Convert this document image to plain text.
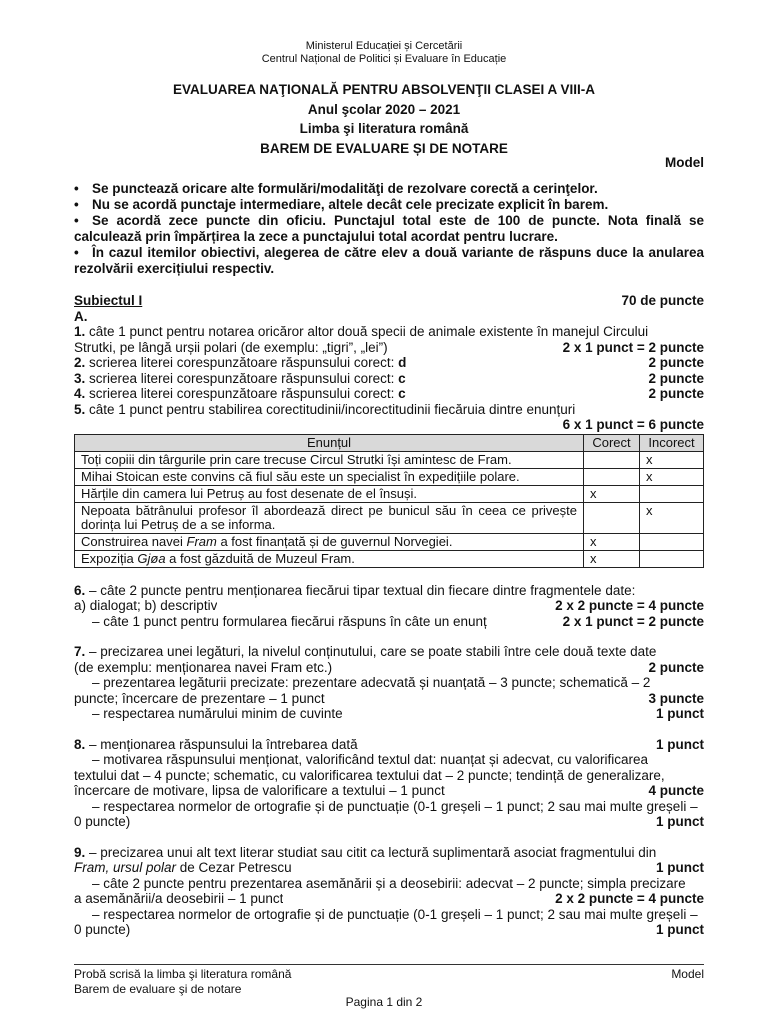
Ministerul Educației și Cercetării
Centrul Național de Politici și Evaluare în Educație
EVALUAREA NAŢIONALĂ PENTRU ABSOLVENŢII CLASEI A VIII-A
Anul şcolar 2020 – 2021
Limba şi literatura română
BAREM DE EVALUARE ȘI DE NOTARE
Model
• Se punctează oricare alte formulări/modalităţi de rezolvare corectă a cerinţelor.
• Nu se acordă punctaje intermediare, altele decât cele precizate explicit în barem.
• Se acordă zece puncte din oficiu. Punctajul total este de 100 de puncte. Nota finală se calculează prin împărțirea la zece a punctajului total acordat pentru lucrare.
• În cazul itemilor obiectivi, alegerea de către elev a două variante de răspuns duce la anularea rezolvării exercițiului respectiv.
Subiectul I	70 de puncte
A.
1. câte 1 punct pentru notarea oricăror altor două specii de animale existente în manejul Circului
Strutki, pe lângă urșii polari (de exemplu: „tigri”, „lei”)	2 x 1 punct = 2 puncte
2. scrierea literei corespunzătoare răspunsului corect: d	2 puncte
3. scrierea literei corespunzătoare răspunsului corect: c	2 puncte
4. scrierea literei corespunzătoare răspunsului corect: c	2 puncte
5. câte 1 punct pentru stabilirea corectitudinii/incorectitudinii fiecăruia dintre enunțuri
6 x 1 punct = 6 puncte
Enunțul	Corect	Incorect
Toți copiii din târgurile prin care trecuse Circul Strutki își amintesc de Fram.		x
Mihai Stoican este convins că fiul său este un specialist în expedițiile polare.		x
Hărțile din camera lui Petruș au fost desenate de el însuși.	x	
Nepoata bătrânului profesor îl abordează direct pe bunicul său în ceea ce privește dorința lui Petruș de a se informa.		x
Construirea navei Fram a fost finanțată și de guvernul Norvegiei.	x	
Expoziția Gjøa a fost găzduită de Muzeul Fram.	x	
6. – câte 2 puncte pentru menționarea fiecărui tipar textual din fiecare dintre fragmentele date:
a) dialogat; b) descriptiv	2 x 2 puncte = 4 puncte
– câte 1 punct pentru formularea fiecărui răspuns în câte un enunț	2 x 1 punct = 2 puncte
7. – precizarea unei legături, la nivelul conținutului, care se poate stabili între cele două texte date
(de exemplu: menționarea navei Fram etc.)	2 puncte
– prezentarea legăturii precizate: prezentare adecvată și nuanțată – 3 puncte; schematică – 2
puncte; încercare de prezentare – 1 punct	3 puncte
– respectarea numărului minim de cuvinte	1 punct
8. – menționarea răspunsului la întrebarea dată	1 punct
– motivarea răspunsului menționat, valorificând textul dat: nuanțat și adecvat, cu valorificarea
textului dat – 4 puncte; schematic, cu valorificarea textului dat – 2 puncte; tendință de generalizare,
încercare de motivare, lipsa de valorificare a textului – 1 punct	4 puncte
– respectarea normelor de ortografie și de punctuație (0-1 greșeli – 1 punct; 2 sau mai multe greșeli –
0 puncte)	1 punct
9. – precizarea unui alt text literar studiat sau citit ca lectură suplimentară asociat fragmentului din
Fram, ursul polar de Cezar Petrescu	1 punct
– câte 2 puncte pentru prezentarea asemănării și a deosebirii: adecvat – 2 puncte; simpla precizare
a asemănării/a deosebirii – 1 punct	2 x 2 puncte = 4 puncte
– respectarea normelor de ortografie și de punctuație (0-1 greșeli – 1 punct; 2 sau mai multe greșeli –
0 puncte)	1 punct
Probă scrisă la limba şi literatura română	Model
Barem de evaluare şi de notare
Pagina 1 din 2
